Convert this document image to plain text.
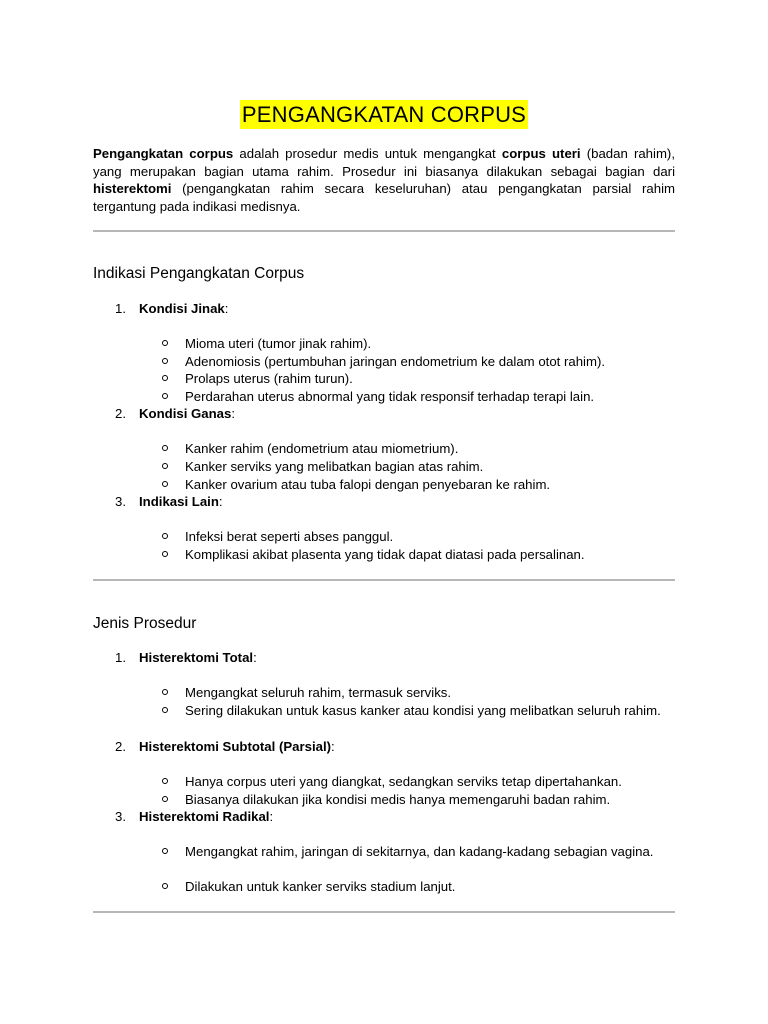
PENGANGKATAN CORPUS

Pengangkatan corpus adalah prosedur medis untuk mengangkat corpus uteri (badan rahim), yang merupakan bagian utama rahim. Prosedur ini biasanya dilakukan sebagai bagian dari histerektomi (pengangkatan rahim secara keseluruhan) atau pengangkatan parsial rahim tergantung pada indikasi medisnya.

Indikasi Pengangkatan Corpus
1. Kondisi Jinak:
Mioma uteri (tumor jinak rahim).
Adenomiosis (pertumbuhan jaringan endometrium ke dalam otot rahim).
Prolaps uterus (rahim turun).
Perdarahan uterus abnormal yang tidak responsif terhadap terapi lain.
2. Kondisi Ganas:
Kanker rahim (endometrium atau miometrium).
Kanker serviks yang melibatkan bagian atas rahim.
Kanker ovarium atau tuba falopi dengan penyebaran ke rahim.
3. Indikasi Lain:
Infeksi berat seperti abses panggul.
Komplikasi akibat plasenta yang tidak dapat diatasi pada persalinan.
Jenis Prosedur
1. Histerektomi Total:
Mengangkat seluruh rahim, termasuk serviks.
Sering dilakukan untuk kasus kanker atau kondisi yang melibatkan seluruh rahim.
2. Histerektomi Subtotal (Parsial):
Hanya corpus uteri yang diangkat, sedangkan serviks tetap dipertahankan.
Biasanya dilakukan jika kondisi medis hanya memengaruhi badan rahim.
3. Histerektomi Radikal:
Mengangkat rahim, jaringan di sekitarnya, dan kadang-kadang sebagian vagina.
Dilakukan untuk kanker serviks stadium lanjut.
